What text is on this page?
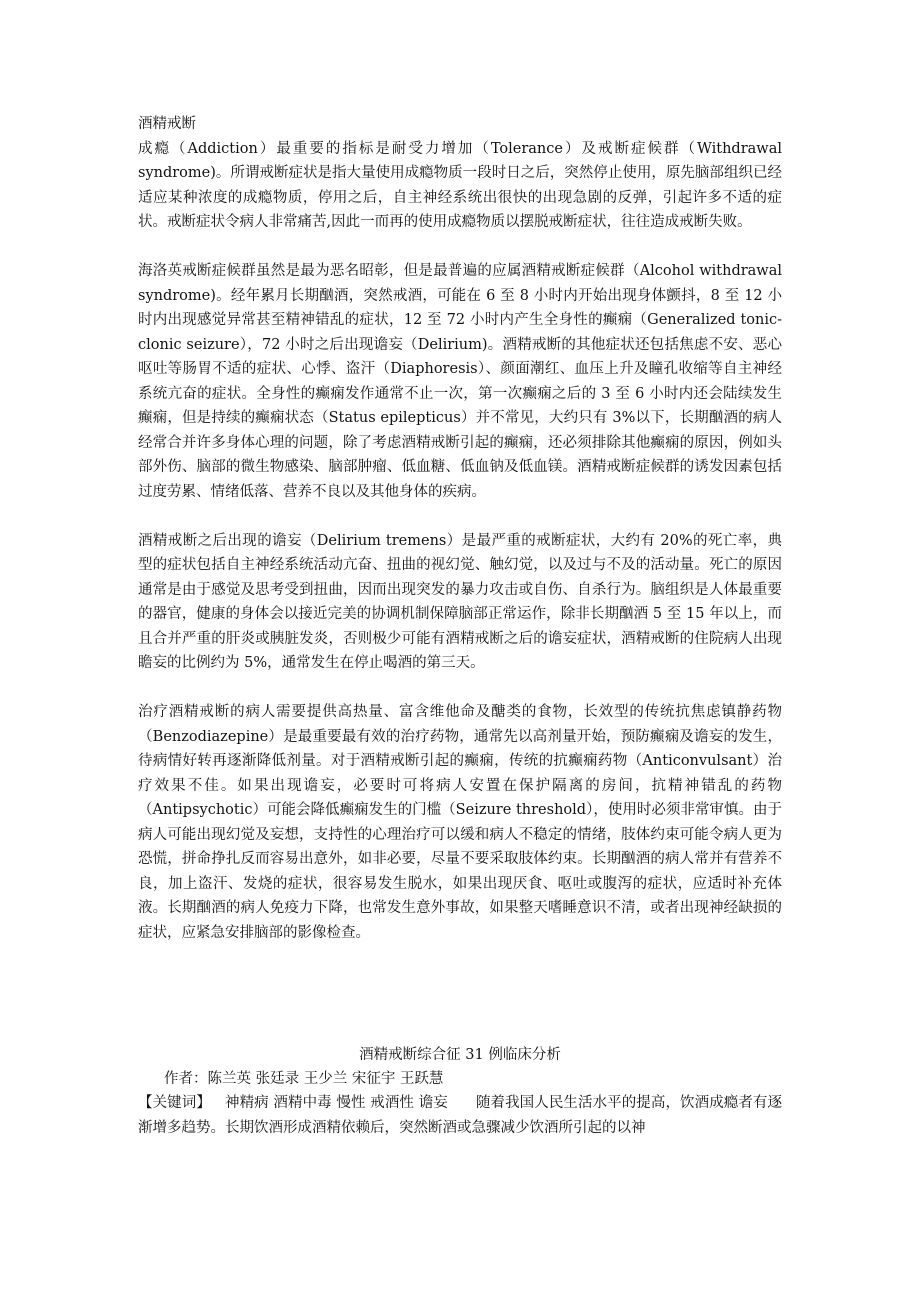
酒精戒断

成瘾（Addiction）最重要的指标是耐受力增加（Tolerance）及戒断症候群（Withdrawal syndrome)。所谓戒断症状是指大量使用成瘾物质一段时日之后，突然停止使用，原先脑部组织已经适应某种浓度的成瘾物质，停用之后，自主神经系统出很快的出现急剧的反弹，引起许多不适的症状。戒断症状令病人非常痛苦,因此一而再的使用成瘾物质以摆脱戒断症状，往往造成戒断失败。

海洛英戒断症候群虽然是最为恶名昭彰，但是最普遍的应属酒精戒断症候群（Alcohol withdrawal syndrome)。经年累月长期酗酒，突然戒酒，可能在 6 至 8 小时内开始出现身体颤抖，8 至 12 小时内出现感觉异常甚至精神错乱的症状，12 至 72 小时内产生全身性的癫痫（Generalized tonic-clonic seizure），72 小时之后出现谵妄（Delirium)。酒精戒断的其他症状还包括焦虑不安、恶心呕吐等肠胃不适的症状、心悸、盗汗（Diaphoresis）、颜面潮红、血压上升及瞳孔收缩等自主神经系统亢奋的症状。全身性的癫痫发作通常不止一次，第一次癫痫之后的 3 至 6 小时内还会陆续发生癫痫，但是持续的癫痫状态（Status epilepticus）并不常见，大约只有 3%以下，长期酗酒的病人经常合并许多身体心理的问题，除了考虑酒精戒断引起的癫痫，还必须排除其他癫痫的原因，例如头部外伤、脑部的微生物感染、脑部肿瘤、低血糖、低血钠及低血镁。酒精戒断症候群的诱发因素包括过度劳累、情绪低落、营养不良以及其他身体的疾病。

酒精戒断之后出现的谵妄（Delirium tremens）是最严重的戒断症状，大约有 20%的死亡率，典型的症状包括自主神经系统活动亢奋、扭曲的视幻觉、触幻觉，以及过与不及的活动量。死亡的原因通常是由于感觉及思考受到扭曲，因而出现突发的暴力攻击或自伤、自杀行为。脑组织是人体最重要的器官，健康的身体会以接近完美的协调机制保障脑部正常运作，除非长期酗酒 5 至 15 年以上，而且合并严重的肝炎或胰脏发炎，否则极少可能有酒精戒断之后的谵妄症状，酒精戒断的住院病人出现瞻妄的比例约为 5%，通常发生在停止喝酒的第三天。

治疗酒精戒断的病人需要提供高热量、富含维他命及醣类的食物，长效型的传统抗焦虑镇静药物（Benzodiazepine）是最重要最有效的治疗药物，通常先以高剂量开始，预防癫痫及谵妄的发生，待病情好转再逐渐降低剂量。对于酒精戒断引起的癫痫，传统的抗癫痫药物（Anticonvulsant）治疗效果不佳。如果出现谵妄，必要时可将病人安置在保护隔离的房间，抗精神错乱的药物（Antipsychotic）可能会降低癫痫发生的门槛（Seizure threshold），使用时必须非常审慎。由于病人可能出现幻觉及妄想，支持性的心理治疗可以缓和病人不稳定的情绪，肢体约束可能令病人更为恐慌，拼命挣扎反而容易出意外，如非必要，尽量不要采取肢体约束。长期酗酒的病人常并有营养不良，加上盗汗、发烧的症状，很容易发生脱水，如果出现厌食、呕吐或腹泻的症状，应适时补充体液。长期酗酒的病人免疫力下降，也常发生意外事故，如果整天嗜睡意识不清，或者出现神经缺损的症状，应紧急安排脑部的影像检查。

酒精戒断综合征 31 例临床分析
作者：陈兰英 张廷录 王少兰 宋征宇 王跃慧

【关键词】 神精病 酒精中毒 慢性 戒酒性 谵妄 随着我国人民生活水平的提高，饮酒成瘾者有逐渐增多趋势。长期饮酒形成酒精依赖后，突然断酒或急骤减少饮酒所引起的以神
